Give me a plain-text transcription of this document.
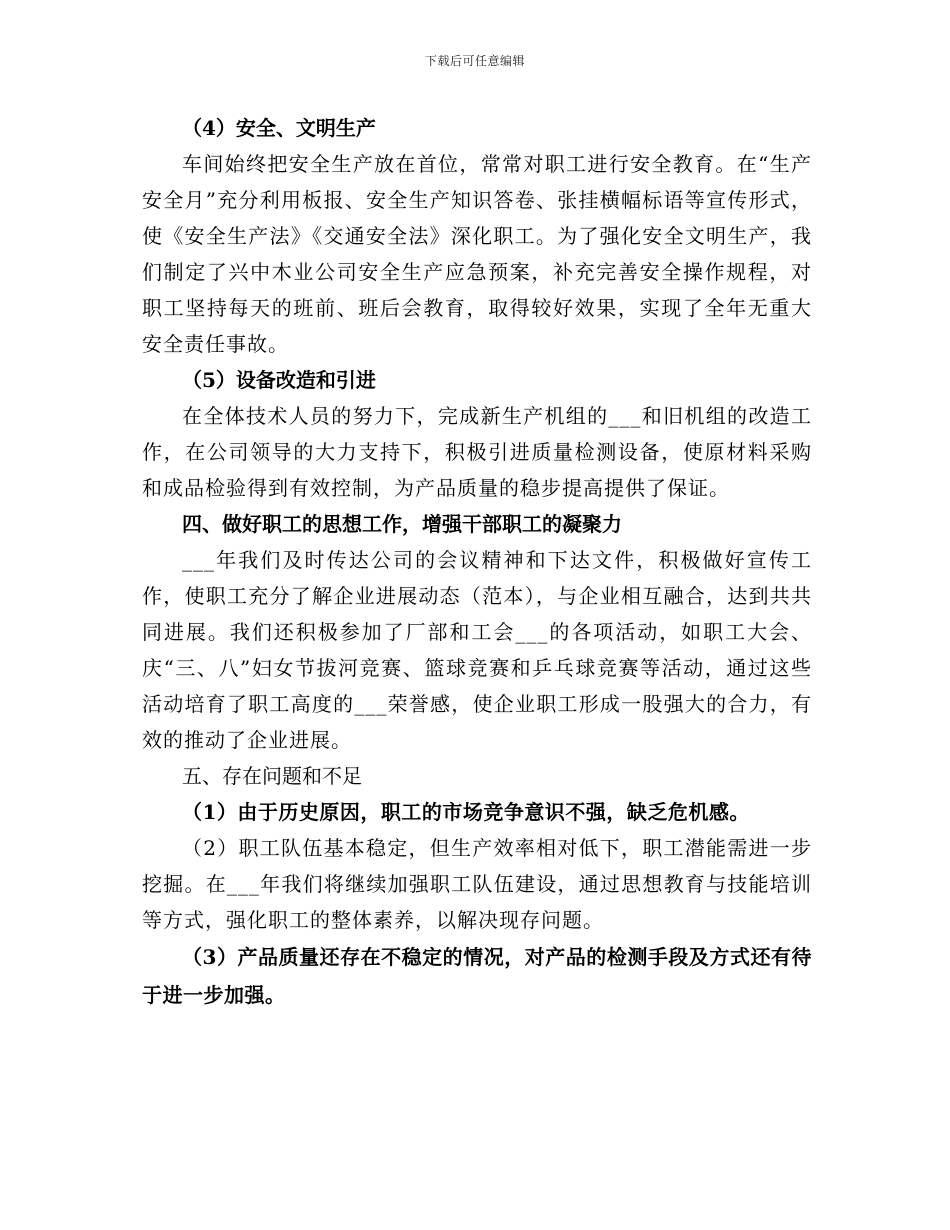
下载后可任意编辑

（4）安全、文明生产

车间始终把安全生产放在首位，常常对职工进行安全教育。在“生产安全月”充分利用板报、安全生产知识答卷、张挂横幅标语等宣传形式，使《安全生产法》《交通安全法》深化职工。为了强化安全文明生产，我们制定了兴中木业公司安全生产应急预案，补充完善安全操作规程，对职工坚持每天的班前、班后会教育，取得较好效果，实现了全年无重大安全责任事故。

（5）设备改造和引进

在全体技术人员的努力下，完成新生产机组的___和旧机组的改造工作，在公司领导的大力支持下，积极引进质量检测设备，使原材料采购和成品检验得到有效控制，为产品质量的稳步提高提供了保证。

四、做好职工的思想工作，增强干部职工的凝聚力

___年我们及时传达公司的会议精神和下达文件，积极做好宣传工作，使职工充分了解企业进展动态（范本），与企业相互融合，达到共共同进展。我们还积极参加了厂部和工会___的各项活动，如职工大会、庆“三、八”妇女节拔河竞赛、篮球竞赛和乒乓球竞赛等活动，通过这些活动培育了职工高度的___荣誉感，使企业职工形成一股强大的合力，有效的推动了企业进展。

五、存在问题和不足

（1）由于历史原因，职工的市场竞争意识不强，缺乏危机感。

（2）职工队伍基本稳定，但生产效率相对低下，职工潜能需进一步挖掘。在___年我们将继续加强职工队伍建设，通过思想教育与技能培训等方式，强化职工的整体素养，以解决现存问题。

（3）产品质量还存在不稳定的情况，对产品的检测手段及方式还有待于进一步加强。
